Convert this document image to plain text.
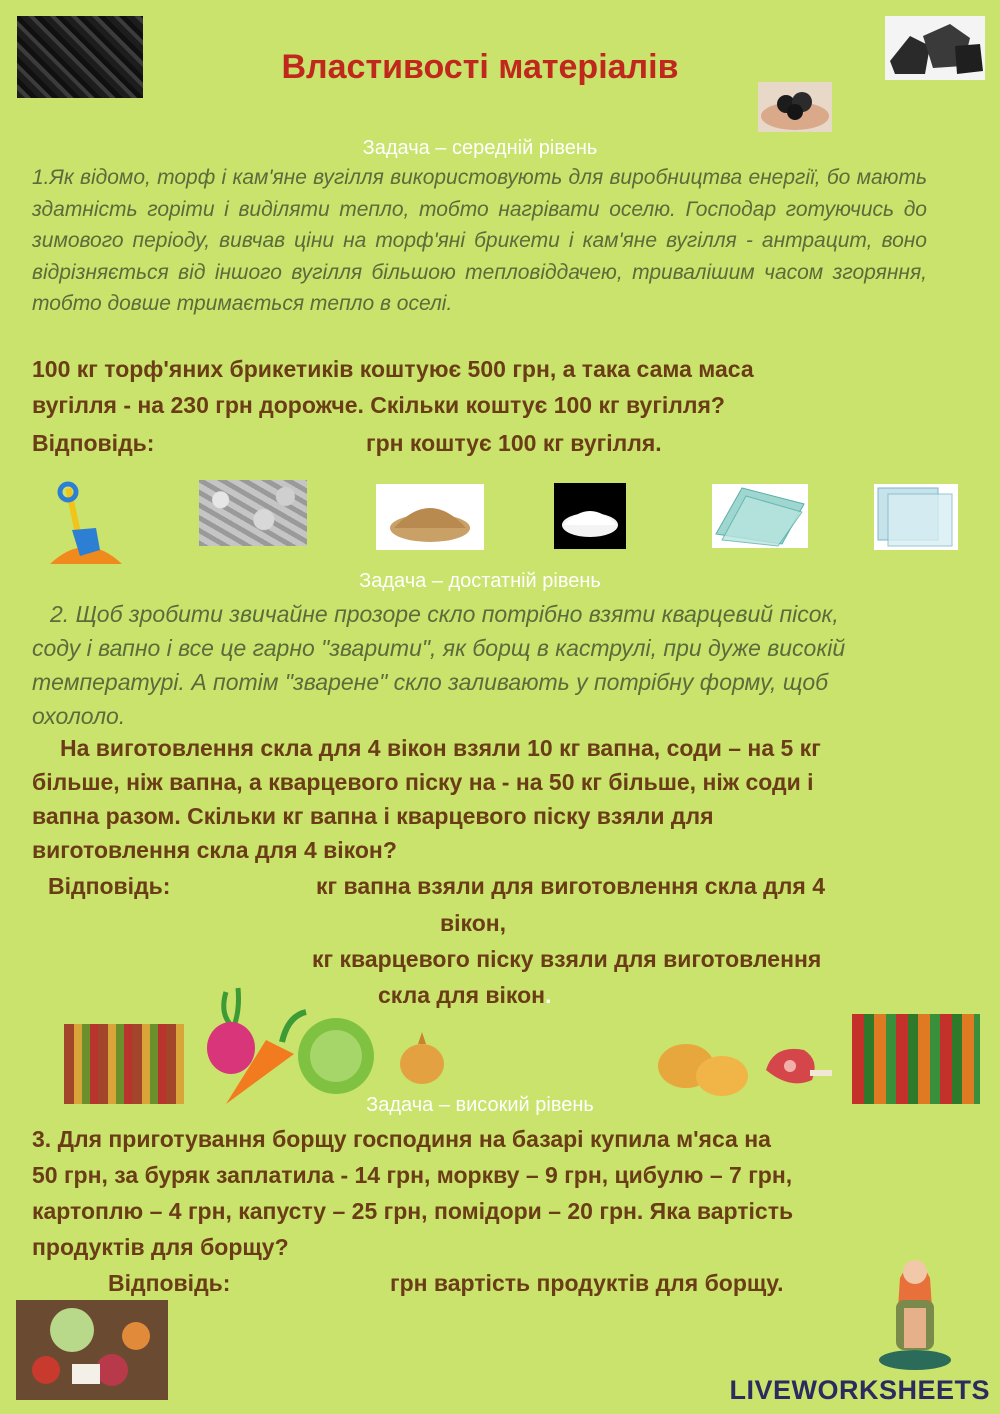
Властивості матеріалів
Задача – середній рівень
1.Як відомо, торф і кам'яне вугілля використовують для виробництва енергії, бо мають здатність горіти і виділяти тепло, тобто нагрівати оселю. Господар готуючись до зимового періоду, вивчав ціни на торф'яні брикети і кам'яне вугілля - антрацит, воно відрізняється від іншого вугілля більшою тепловіддачею, тривалішим часом згоряння, тобто довше тримається тепло в оселі.
100 кг торф'яних брикетиків коштуює 500 грн, а така сама маса
вугілля - на 230 грн дорожче. Скільки коштує 100 кг вугілля?
Відповідь:	грн коштує 100 кг вугілля.
Задача – достатній рівень
2. Щоб зробити звичайне прозоре скло потрібно взяти кварцевий пісок,
соду і вапно і все це гарно "зварити", як борщ в каструлі, при дуже високій
температурі. А потім "зварене" скло заливають у потрібну форму, щоб
охололо.
На виготовлення скла для 4 вікон взяли 10 кг вапна, соди – на 5 кг
більше, ніж вапна, а кварцевого піску на - на 50 кг більше, ніж соди і
вапна разом. Скільки кг вапна і кварцевого піску взяли для
виготовлення скла для 4 вікон?
Відповідь:	кг вапна взяли для виготовлення скла для 4
вікон,
кг кварцевого піску взяли для виготовлення
скла для вікон.
Задача – високий рівень
3. Для приготування борщу господиня на базарі купила м'яса на
50 грн, за буряк заплатила - 14 грн, моркву – 9 грн, цибулю – 7 грн,
картоплю – 4 грн, капусту – 25 грн, помідори – 20 грн. Яка вартість
продуктів для борщу?
Відповідь:	грн вартість продуктів для борщу.
LIVEWORKSHEETS
